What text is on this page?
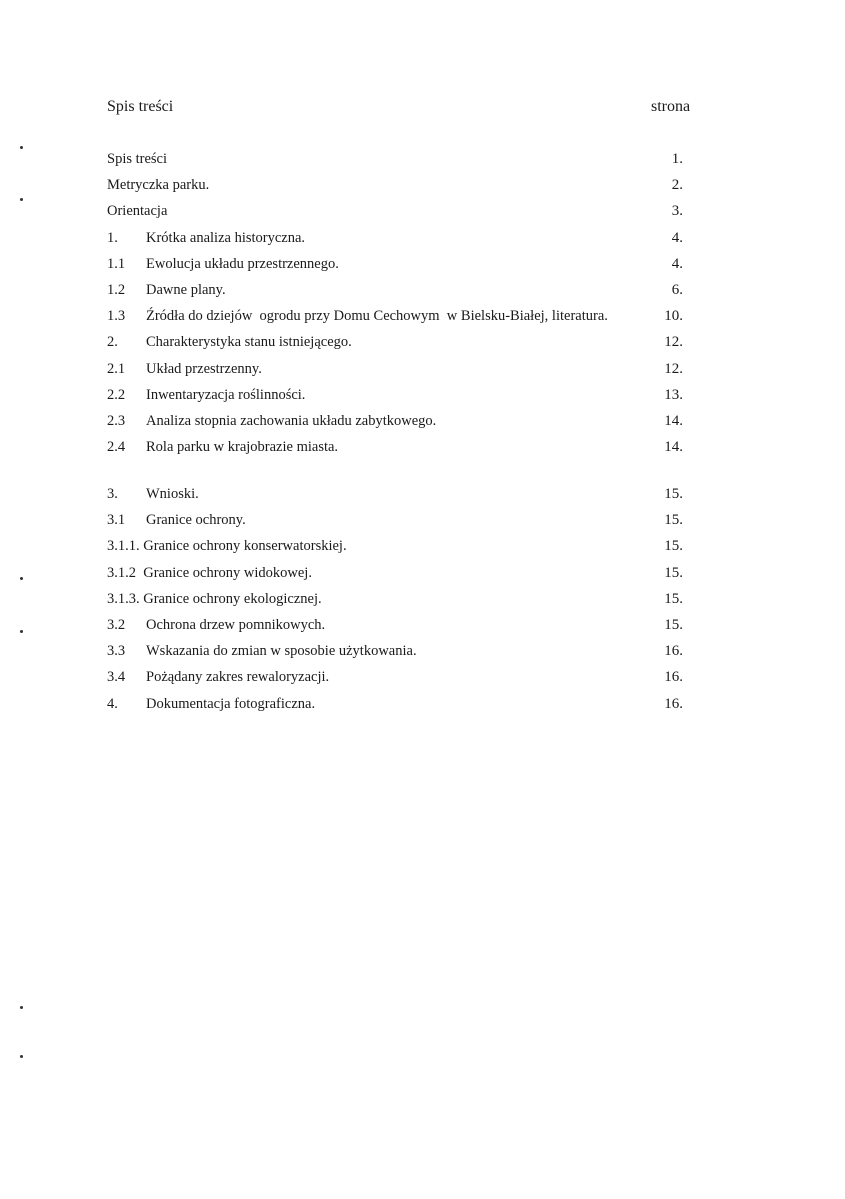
Spis treści	strona
Spis treści	1.
Metryczka parku.	2.
Orientacja	3.
1.	Krótka analiza historyczna.	4.
1.1	Ewolucja układu przestrzennego.	4.
1.2	Dawne plany.	6.
1.3	Źródła do dziejów  ogrodu przy Domu Cechowym  w Bielsku-Białej, literatura.	10.
2.	Charakterystyka stanu istniejącego.	12.
2.1	Układ przestrzenny.	12.
2.2	Inwentaryzacja roślinności.	13.
2.3	Analiza stopnia zachowania układu zabytkowego.	14.
2.4	Rola parku w krajobrazie miasta.	14.
3.	Wnioski.	15.
3.1	Granice ochrony.	15.
3.1.1. Granice ochrony konserwatorskiej.	15.
3.1.2  Granice ochrony widokowej.	15.
3.1.3. Granice ochrony ekologicznej.	15.
3.2	Ochrona drzew pomnikowych.	15.
3.3	Wskazania do zmian w sposobie użytkowania.	16.
3.4	Pożądany zakres rewaloryzacji.	16.
4.	Dokumentacja fotograficzna.	16.
